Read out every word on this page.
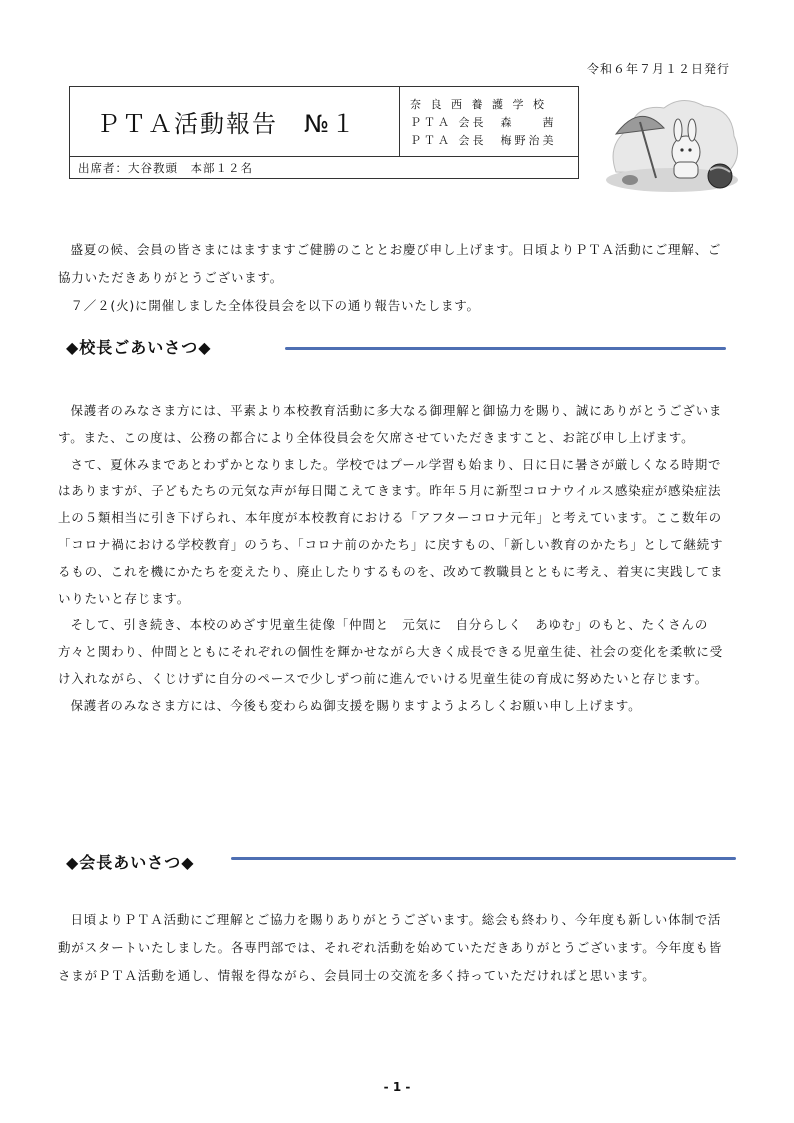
令和６年７月１２日発行
ＰＴＡ活動報告　№１
奈 良 西 養 護 学 校
ＰＴＡ 会長　森　　茜
ＰＴＡ 会長　梅野治美
出席者：大谷教頭　本部１２名

盛夏の候、会員の皆さまにはますますご健勝のこととお慶び申し上げます。日頃よりＰＴＡ活動にご理解、ご協力いただきありがとうございます。

７／２(火)に開催しました全体役員会を以下の通り報告いたします。

◆校長ごあいさつ◆

保護者のみなさま方には、平素より本校教育活動に多大なる御理解と御協力を賜り、誠にありがとうございます。また、この度は、公務の都合により全体役員会を欠席させていただきますこと、お詫び申し上げます。

さて、夏休みまであとわずかとなりました。学校ではプール学習も始まり、日に日に暑さが厳しくなる時期ではありますが、子どもたちの元気な声が毎日聞こえてきます。昨年５月に新型コロナウイルス感染症が感染症法上の５類相当に引き下げられ、本年度が本校教育における「アフターコロナ元年」と考えています。ここ数年の「コロナ禍における学校教育」のうち、「コロナ前のかたち」に戻すもの、「新しい教育のかたち」として継続するもの、これを機にかたちを変えたり、廃止したりするものを、改めて教職員とともに考え、着実に実践してまいりたいと存じます。

そして、引き続き、本校のめざす児童生徒像「仲間と　元気に　自分らしく　あゆむ」のもと、たくさんの方々と関わり、仲間とともにそれぞれの個性を輝かせながら大きく成長できる児童生徒、社会の変化を柔軟に受け入れながら、くじけずに自分のペースで少しずつ前に進んでいける児童生徒の育成に努めたいと存じます。

保護者のみなさま方には、今後も変わらぬ御支援を賜りますようよろしくお願い申し上げます。

◆会長あいさつ◆

日頃よりＰＴＡ活動にご理解とご協力を賜りありがとうございます。総会も終わり、今年度も新しい体制で活動がスタートいたしました。各専門部では、それぞれ活動を始めていただきありがとうございます。今年度も皆さまがＰＴＡ活動を通し、情報を得ながら、会員同士の交流を多く持っていただければと思います。

- 1 -
